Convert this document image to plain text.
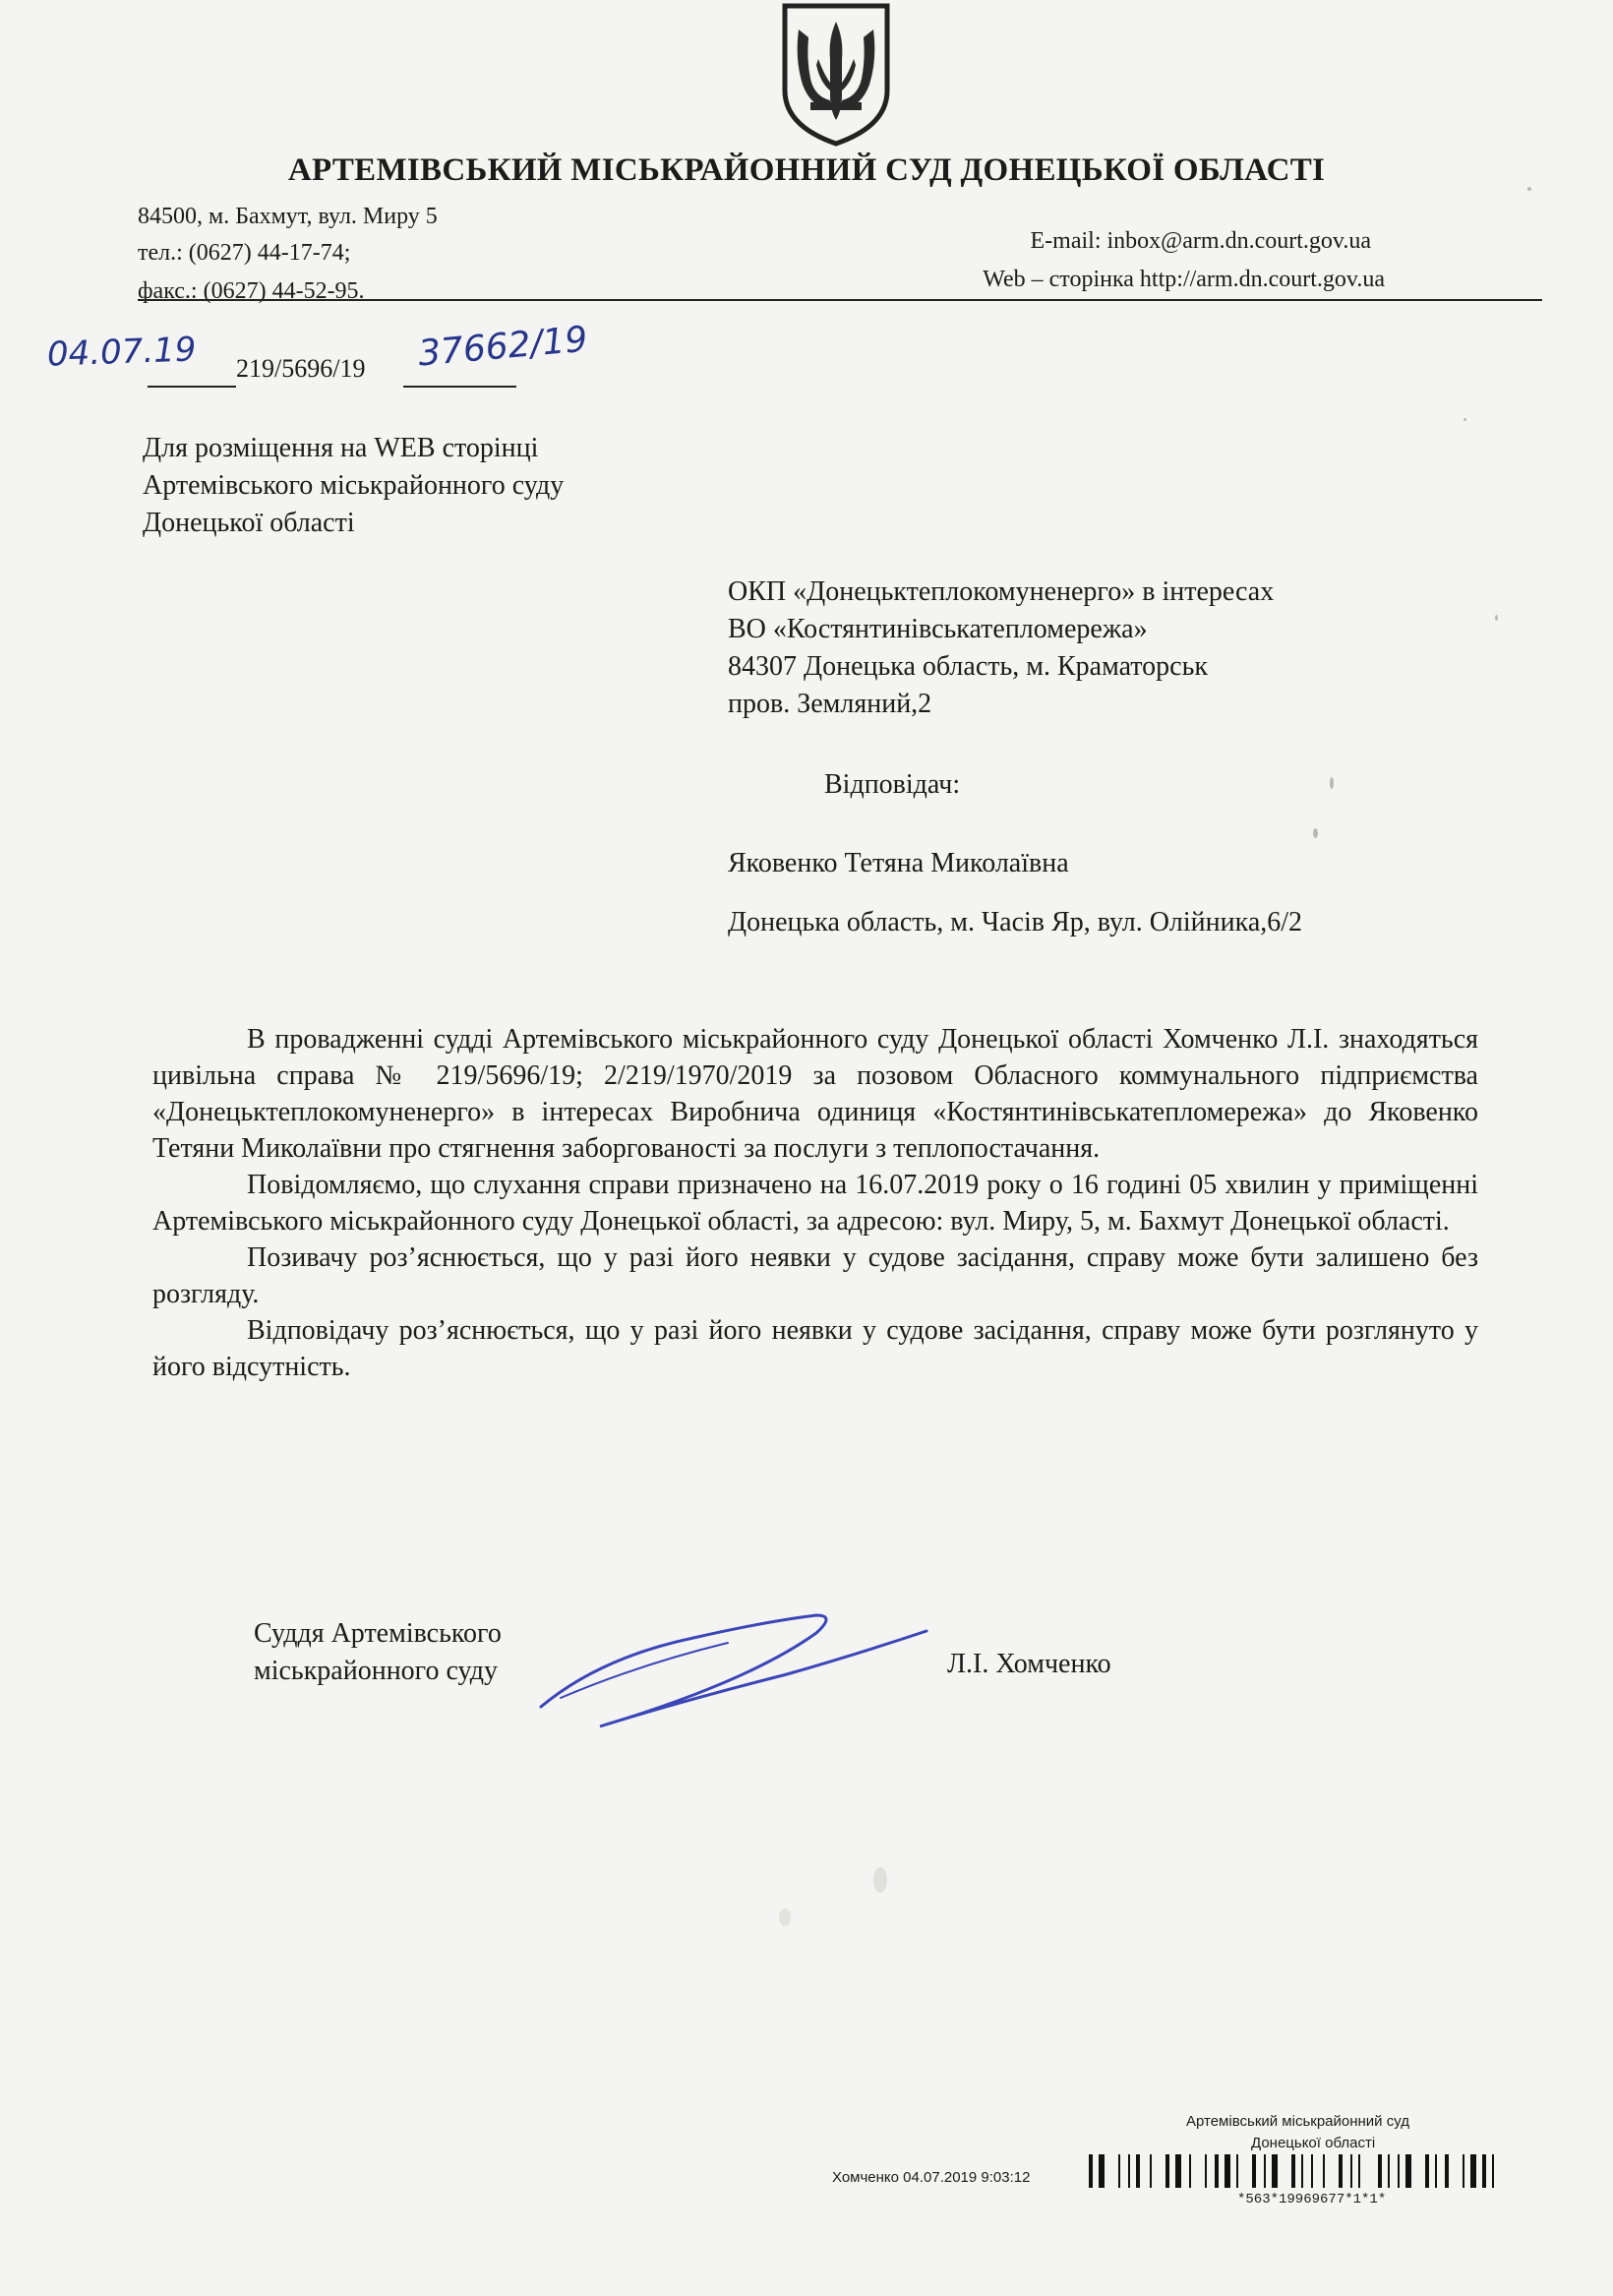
АРТЕМІВСЬКИЙ МІСЬКРАЙОННИЙ СУД ДОНЕЦЬКОЇ ОБЛАСТІ
84500, м. Бахмут, вул. Миру 5
тел.: (0627) 44-17-74;
факс.: (0627) 44-52-95.
E-mail: inbox@arm.dn.court.gov.ua
Web – сторінка http://arm.dn.court.gov.ua
04.07.19 219/5696/19 37662/19
Для розміщення на WEB сторінці
Артемівського міськрайонного суду
Донецької області
ОКП «Донецьктеплокомуненерго» в інтересах
ВО «Костянтинівськатепломережа»
84307 Донецька область, м. Краматорськ
пров. Земляний,2
Відповідач:
Яковенко Тетяна Миколаївна
Донецька область, м. Часів Яр, вул. Олійника,6/2

В провадженні судді Артемівського міськрайонного суду Донецької області Хомченко Л.І. знаходяться цивільна справа № 219/5696/19; 2/219/1970/2019 за позовом Обласного коммунального підприємства «Донецьктеплокомуненерго» в інтересах Виробнича одиниця «Костянтинівськатепломережа» до Яковенко Тетяни Миколаївни про стягнення заборгованості за послуги з теплопостачання.

Повідомляємо, що слухання справи призначено на 16.07.2019 року о 16 годині 05 хвилин у приміщенні Артемівського міськрайонного суду Донецької області, за адресою: вул. Миру, 5, м. Бахмут Донецької області.

Позивачу роз’яснюється, що у разі його неявки у судове засідання, справу може бути залишено без розгляду.

Відповідачу роз’яснюється, що у разі його неявки у судове засідання, справу може бути розглянуто у його відсутність.

Суддя Артемівського
міськрайонного суду	Л.І. Хомченко
Артемівський міськрайонний суд
Донецької області
Хомченко 04.07.2019 9:03:12
*563*19969677*1*1*
